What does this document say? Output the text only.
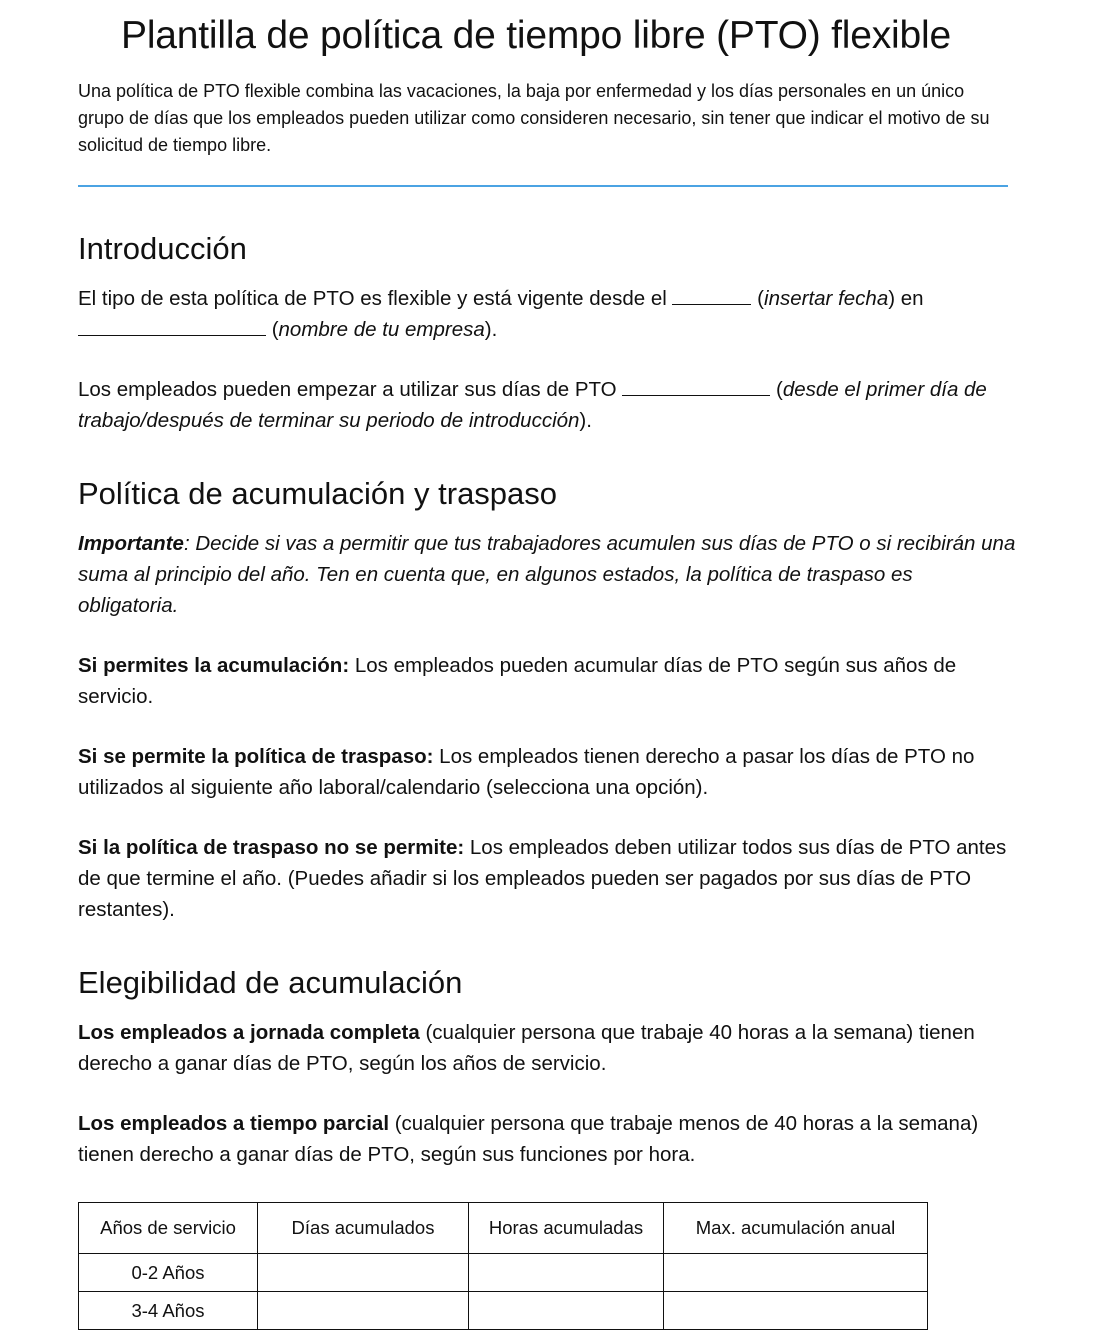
Plantilla de política de tiempo libre (PTO) flexible
Una política de PTO flexible combina las vacaciones, la baja por enfermedad y los días personales en un único grupo de días que los empleados pueden utilizar como consideren necesario, sin tener que indicar el motivo de su solicitud de tiempo libre.
Introducción

El tipo de esta política de PTO es flexible y está vigente desde el	(insertar fecha) en
(nombre de tu empresa).

Los empleados pueden empezar a utilizar sus días de PTO	(desde el primer día de trabajo/después de terminar su periodo de introducción).

Política de acumulación y traspaso

Importante: Decide si vas a permitir que tus trabajadores acumulen sus días de PTO o si recibirán una suma al principio del año. Ten en cuenta que, en algunos estados, la política de traspaso es obligatoria.

Si permites la acumulación: Los empleados pueden acumular días de PTO según sus años de servicio.

Si se permite la política de traspaso: Los empleados tienen derecho a pasar los días de PTO no utilizados al siguiente año laboral/calendario (selecciona una opción).

Si la política de traspaso no se permite: Los empleados deben utilizar todos sus días de PTO antes de que termine el año. (Puedes añadir si los empleados pueden ser pagados por sus días de PTO restantes).

Elegibilidad de acumulación

Los empleados a jornada completa (cualquier persona que trabaje 40 horas a la semana) tienen derecho a ganar días de PTO, según los años de servicio.

Los empleados a tiempo parcial (cualquier persona que trabaje menos de 40 horas a la semana) tienen derecho a ganar días de PTO, según sus funciones por hora.

Años de servicio	Días acumulados	Horas acumuladas	Max. acumulación anual
0-2 Años			
3-4 Años			
